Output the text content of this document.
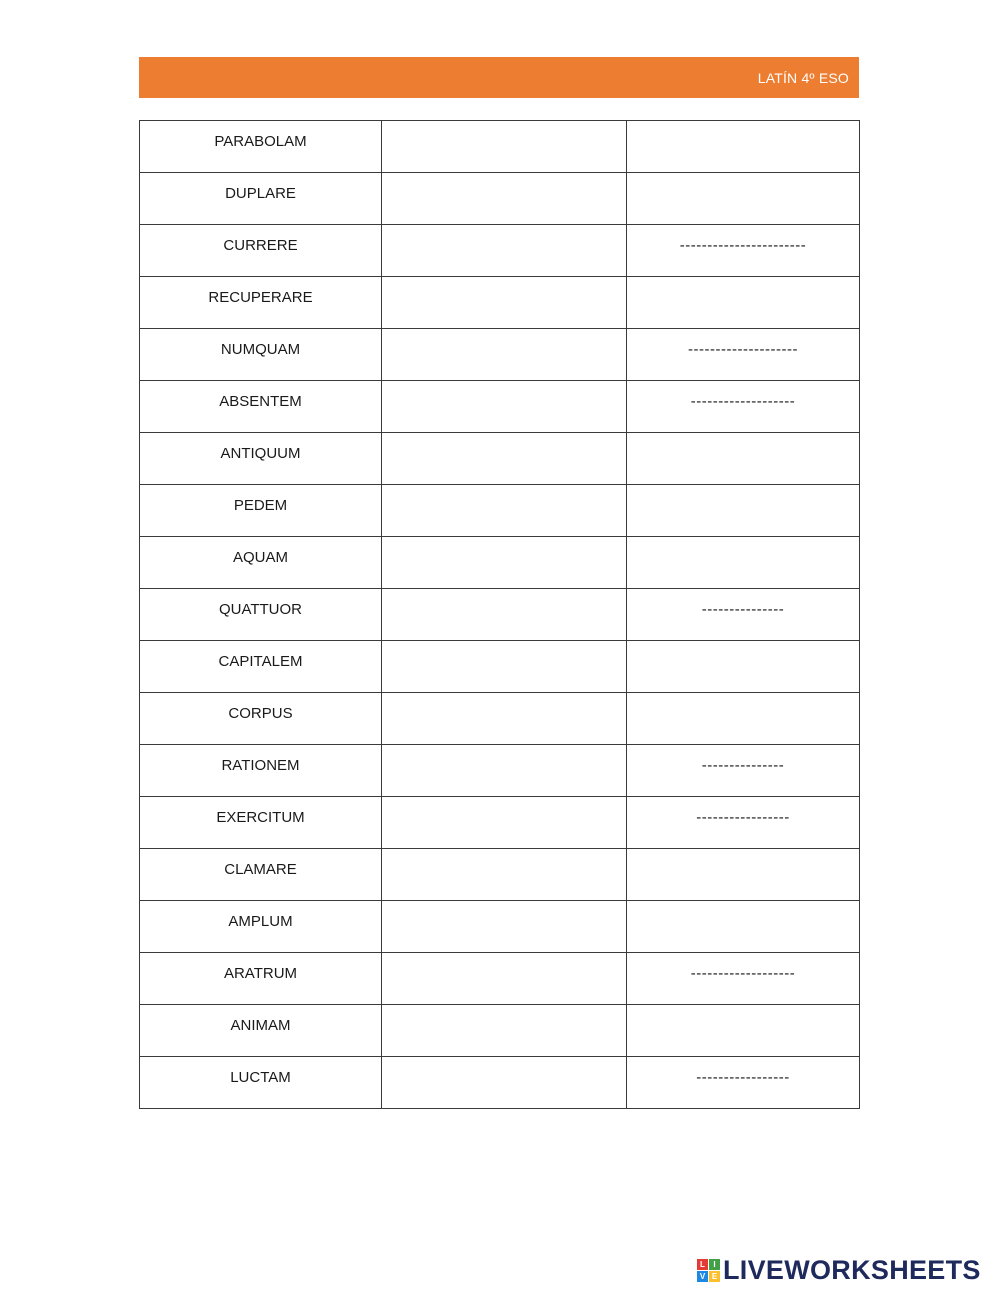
LATÍN 4º ESO
PARABOLAM		
DUPLARE		
CURRERE		-----------------------
RECUPERARE		
NUMQUAM		--------------------
ABSENTEM		-------------------
ANTIQUUM		
PEDEM		
AQUAM		
QUATTUOR		---------------
CAPITALEM		
CORPUS		
RATIONEM		---------------
EXERCITUM		-----------------
CLAMARE		
AMPLUM		
ARATRUM		-------------------
ANIMAM		
LUCTAM		-----------------
L	I
V E LIVEWORKSHEETS
